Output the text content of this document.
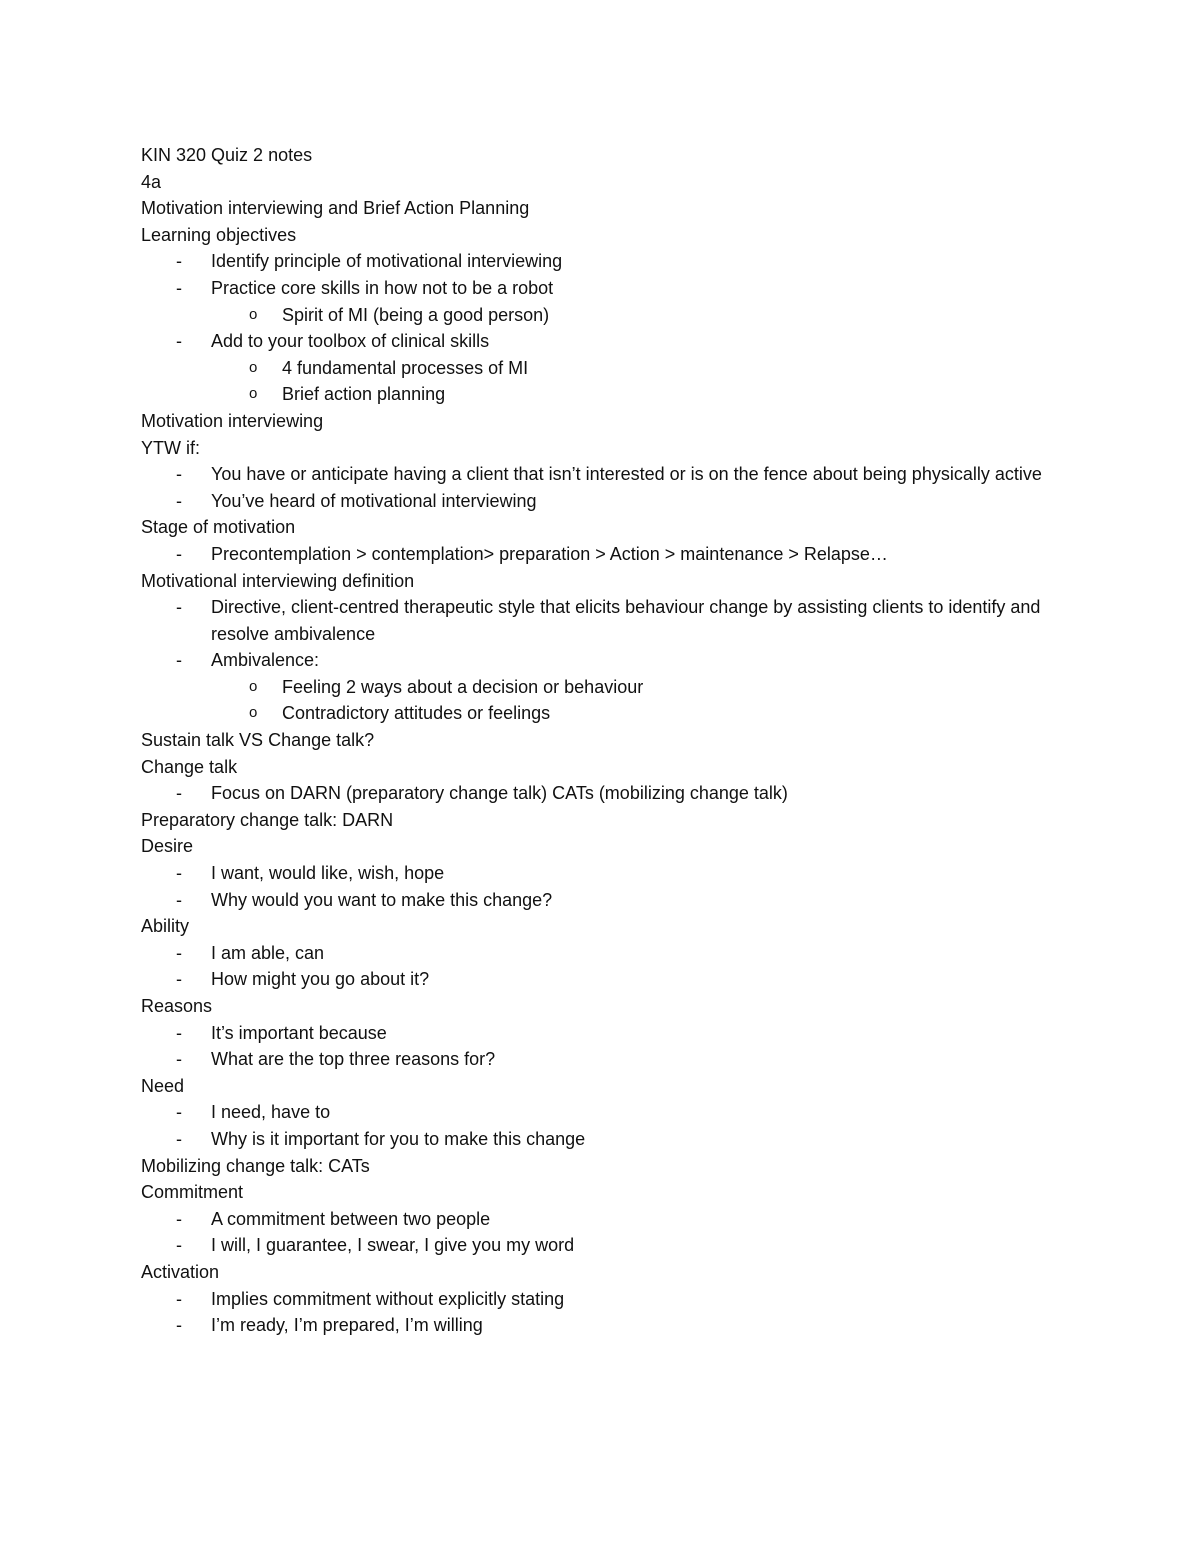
KIN 320 Quiz 2 notes
4a
Motivation interviewing and Brief Action Planning
Learning objectives
- Identify principle of motivational interviewing
- Practice core skills in how not to be a robot
o Spirit of MI (being a good person)
- Add to your toolbox of clinical skills
o 4 fundamental processes of MI
o Brief action planning
Motivation interviewing
YTW if:
- You have or anticipate having a client that isn’t interested or is on the fence about being physically active
- You’ve heard of motivational interviewing
Stage of motivation
- Precontemplation > contemplation> preparation > Action > maintenance > Relapse…
Motivational interviewing definition
- Directive, client-centred therapeutic style that elicits behaviour change by assisting clients to identify and resolve ambivalence
- Ambivalence:
o Feeling 2 ways about a decision or behaviour
o Contradictory attitudes or feelings
Sustain talk VS Change talk?
Change talk
- Focus on DARN (preparatory change talk) CATs (mobilizing change talk)
Preparatory change talk: DARN
Desire
- I want, would like, wish, hope
- Why would you want to make this change?
Ability
- I am able, can
- How might you go about it?
Reasons
- It’s important because
- What are the top three reasons for?
Need
- I need, have to
- Why is it important for you to make this change
Mobilizing change talk: CATs
Commitment
- A commitment between two people
- I will, I guarantee, I swear, I give you my word
Activation
- Implies commitment without explicitly stating
- I’m ready, I’m prepared, I’m willing
